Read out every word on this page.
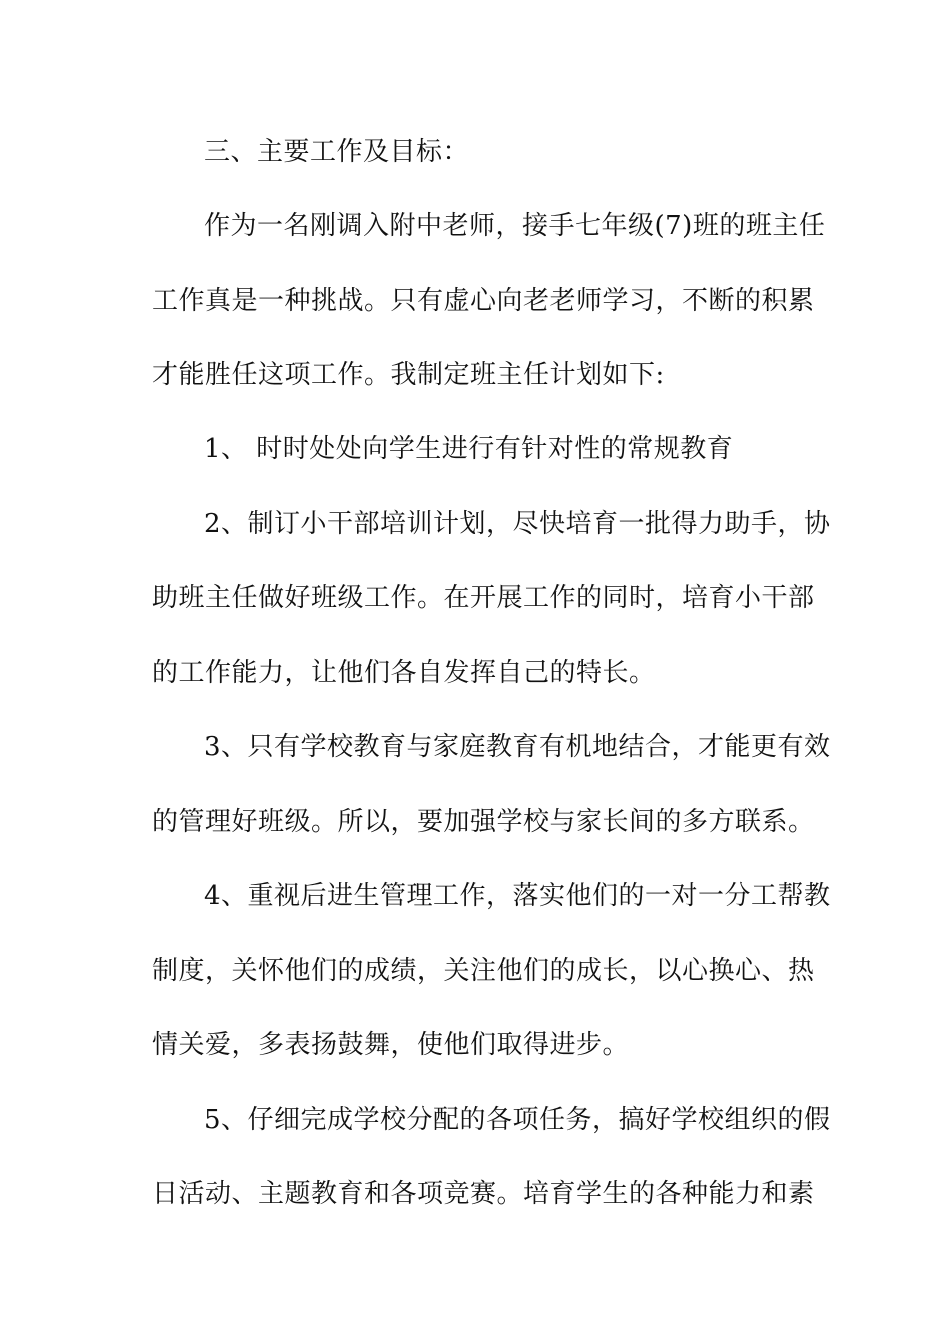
三、主要工作及目标：
作为一名刚调入附中老师，接手七年级(7)班的班主任
工作真是一种挑战。只有虚心向老老师学习，不断的积累
才能胜任这项工作。我制定班主任计划如下:
1、 时时处处向学生进行有针对性的常规教育
2、制订小干部培训计划，尽快培育一批得力助手，协
助班主任做好班级工作。在开展工作的同时，培育小干部
的工作能力，让他们各自发挥自己的特长。
3、只有学校教育与家庭教育有机地结合，才能更有效
的管理好班级。所以，要加强学校与家长间的多方联系。
4、重视后进生管理工作，落实他们的一对一分工帮教
制度，关怀他们的成绩，关注他们的成长，以心换心、热
情关爱，多表扬鼓舞，使他们取得进步。
5、仔细完成学校分配的各项任务，搞好学校组织的假
日活动、主题教育和各项竞赛。培育学生的各种能力和素
